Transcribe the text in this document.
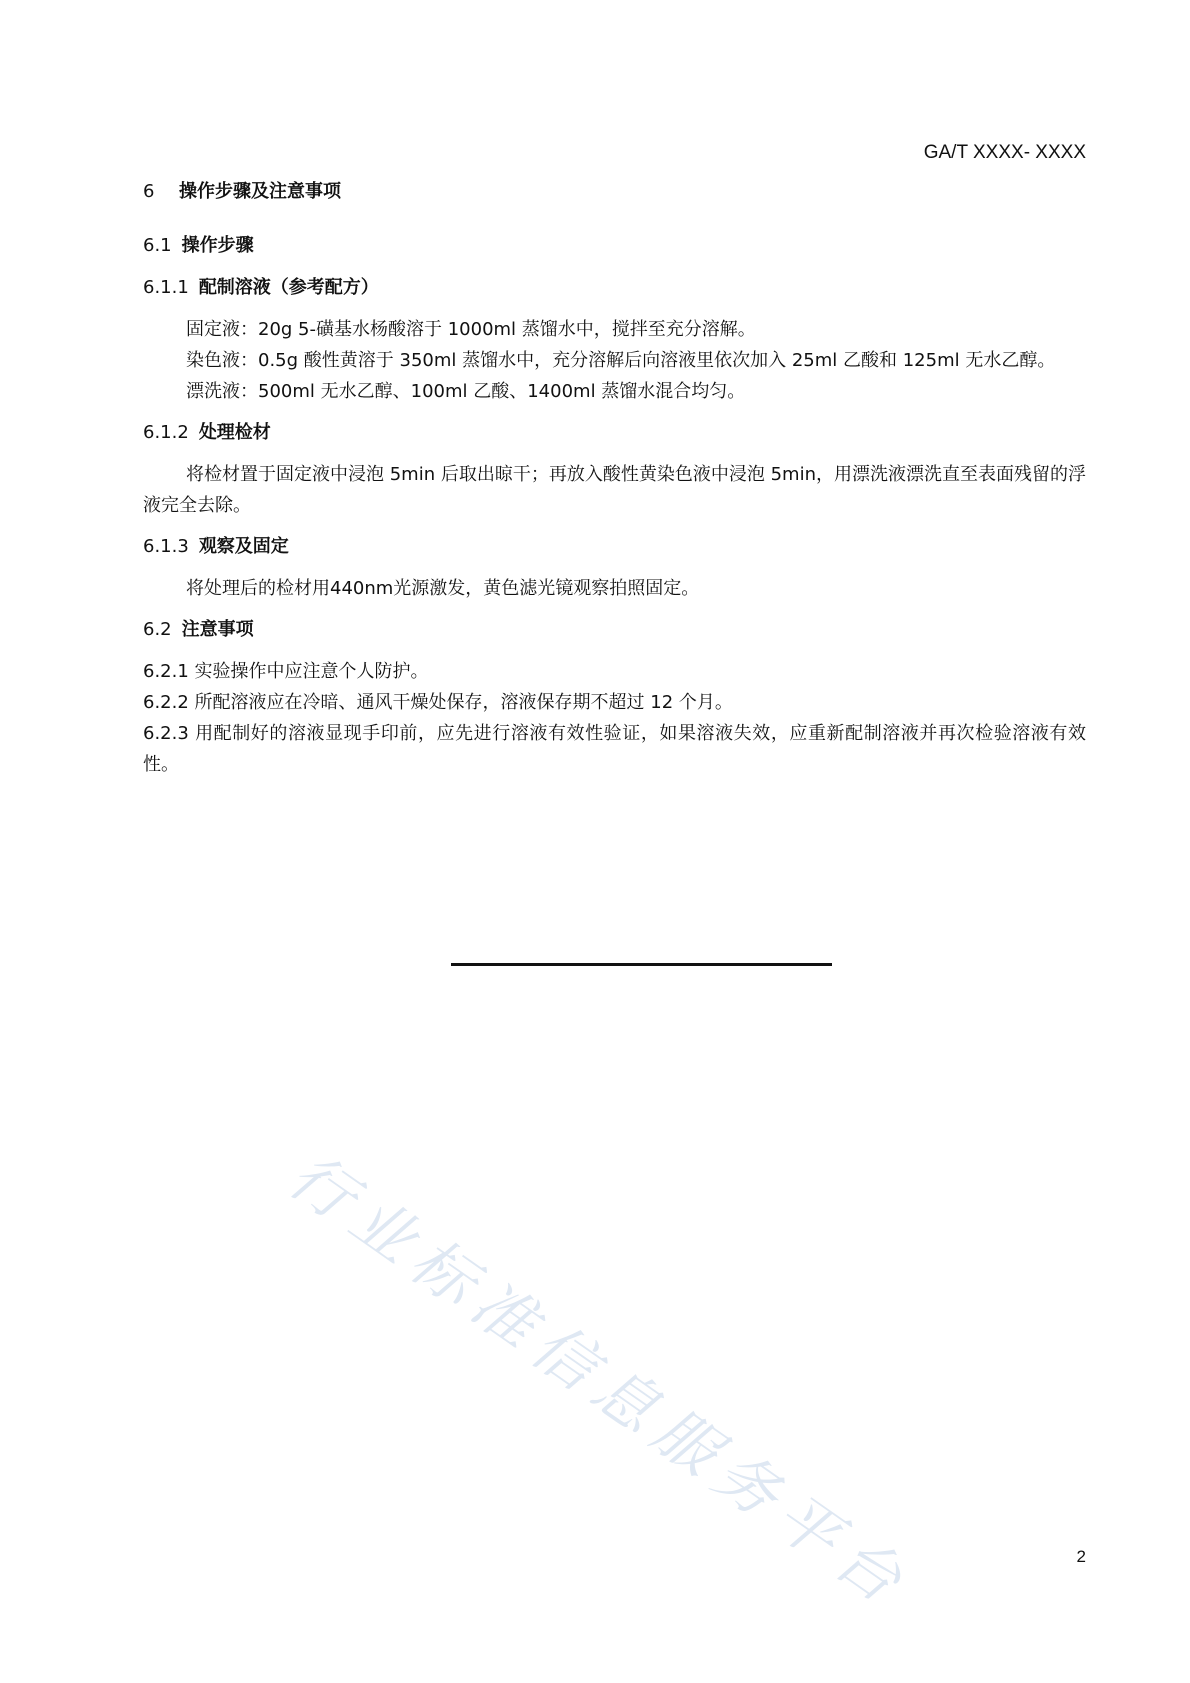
GA/T XXXX- XXXX
6 操作步骤及注意事项
6.1 操作步骤
6.1.1 配制溶液（参考配方）

固定液：20g 5-磺基水杨酸溶于 1000ml 蒸馏水中，搅拌至充分溶解。

染色液：0.5g 酸性黄溶于 350ml 蒸馏水中，充分溶解后向溶液里依次加入 25ml 乙酸和 125ml 无水乙醇。

漂洗液：500ml 无水乙醇、100ml 乙酸、1400ml 蒸馏水混合均匀。

6.1.2 处理检材

将检材置于固定液中浸泡 5min 后取出晾干；再放入酸性黄染色液中浸泡 5min，用漂洗液漂洗直至表面残留的浮液完全去除。

6.1.3 观察及固定

将处理后的检材用440nm光源激发，黄色滤光镜观察拍照固定。

6.2 注意事项

6.2.1 实验操作中应注意个人防护。

6.2.2 所配溶液应在冷暗、通风干燥处保存，溶液保存期不超过 12 个月。

6.2.3 用配制好的溶液显现手印前，应先进行溶液有效性验证，如果溶液失效，应重新配制溶液并再次检验溶液有效性。

行业标准信息服务平台	2
